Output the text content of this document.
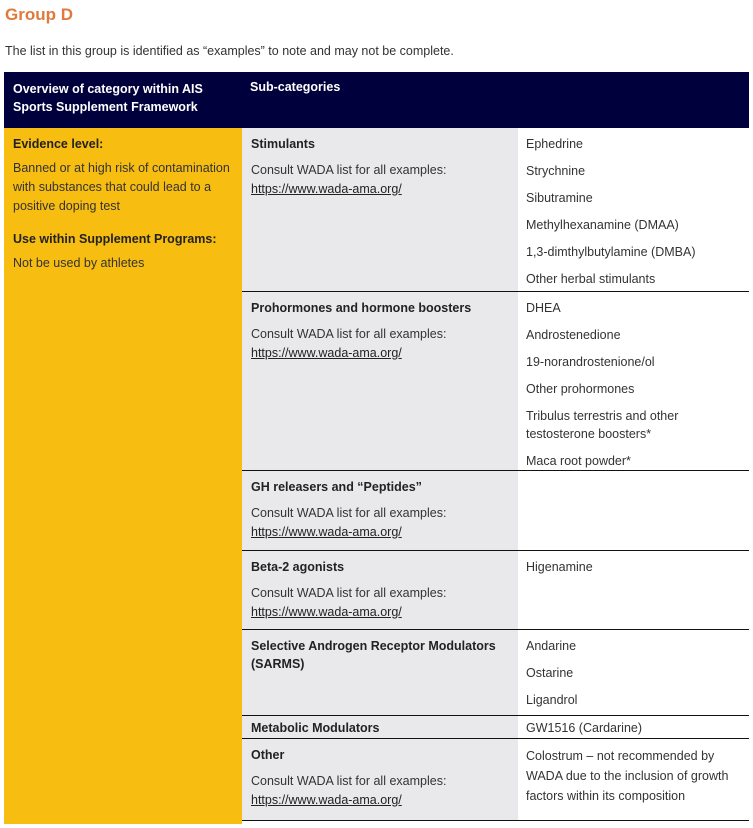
Group D
The list in this group is identified as “examples” to note and may not be complete.
Overview of category within AIS Sports Supplement Framework
Sub-categories
Evidence level:

Banned or at high risk of contamination with substances that could lead to a positive doping test

Use within Supplement Programs:

Not be used by athletes

Stimulants
Consult WADA list for all examples:
https://www.wada-ama.org/
Ephedrine
Strychnine
Sibutramine
Methylhexanamine (DMAA)
1,3-dimthylbutylamine (DMBA)
Other herbal stimulants
Prohormones and hormone boosters
Consult WADA list for all examples:
https://www.wada-ama.org/
DHEA
Androstenedione
19-norandrostenione/ol
Other prohormones
Tribulus terrestris and other testosterone boosters*
Maca root powder*
GH releasers and “Peptides”
Consult WADA list for all examples:
https://www.wada-ama.org/
Beta-2 agonists
Consult WADA list for all examples:
https://www.wada-ama.org/
Higenamine
Selective Androgen Receptor Modulators (SARMS)
Andarine
Ostarine
Ligandrol
Metabolic Modulators	GW1516 (Cardarine)
Other
Consult WADA list for all examples:
https://www.wada-ama.org/
Colostrum – not recommended by WADA due to the inclusion of growth factors within its composition
